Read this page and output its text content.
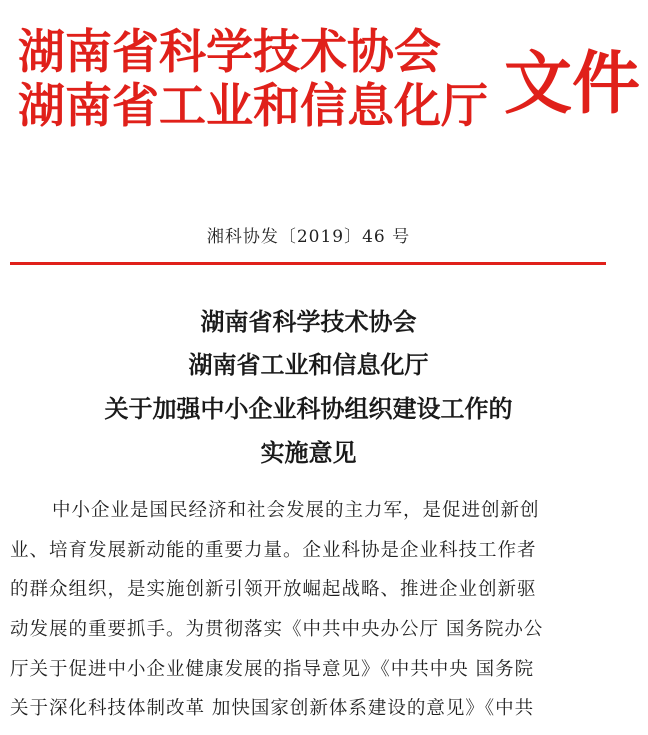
湖南省科学技术协会
湖南省工业和信息化厅 文件
湘科协发〔2019〕46 号
湖南省科学技术协会
湖南省工业和信息化厅
关于加强中小企业科协组织建设工作的
实施意见
中小企业是国民经济和社会发展的主力军，是促进创新创
业、培育发展新动能的重要力量。企业科协是企业科技工作者
的群众组织，是实施创新引领开放崛起战略、推进企业创新驱
动发展的重要抓手。为贯彻落实《中共中央办公厅 国务院办公
厅关于促进中小企业健康发展的指导意见》《中共中央 国务院
关于深化科技体制改革 加快国家创新体系建设的意见》《中共
